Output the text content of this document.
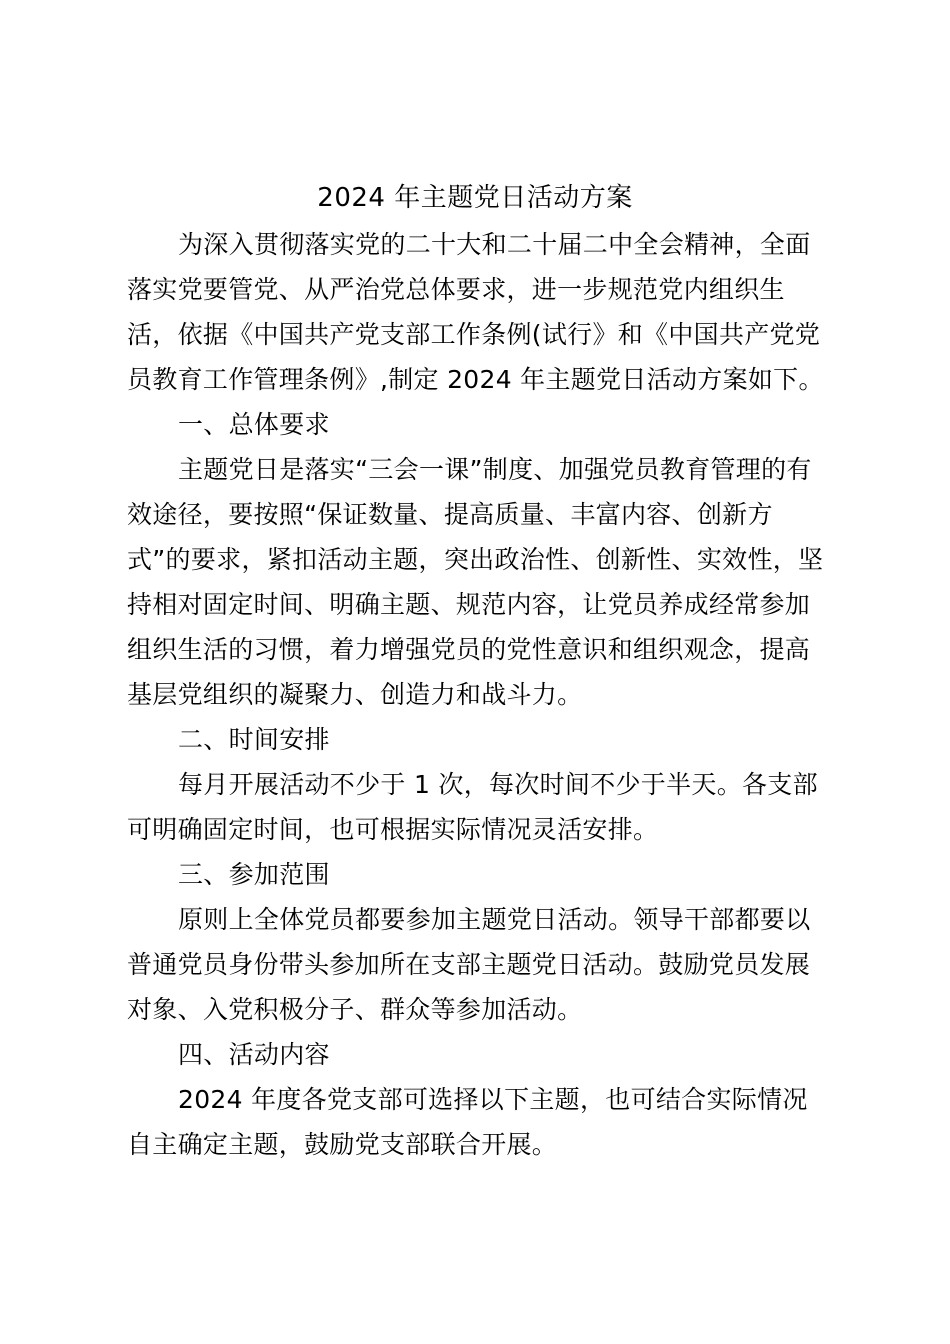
2024 年主题党日活动方案
为深入贯彻落实党的二十大和二十届二中全会精神，全面
落实党要管党、从严治党总体要求，进一步规范党内组织生
活，依据《中国共产党支部工作条例(试行》和《中国共产党党
员教育工作管理条例》,制定 2024 年主题党日活动方案如下。
一、总体要求
主题党日是落实“三会一课”制度、加强党员教育管理的有
效途径，要按照“保证数量、提高质量、丰富内容、创新方
式”的要求，紧扣活动主题，突出政治性、创新性、实效性，坚
持相对固定时间、明确主题、规范内容，让党员养成经常参加
组织生活的习惯，着力增强党员的党性意识和组织观念，提高
基层党组织的凝聚力、创造力和战斗力。
二、时间安排
每月开展活动不少于 1 次，每次时间不少于半天。各支部
可明确固定时间，也可根据实际情况灵活安排。
三、参加范围
原则上全体党员都要参加主题党日活动。领导干部都要以
普通党员身份带头参加所在支部主题党日活动。鼓励党员发展
对象、入党积极分子、群众等参加活动。
四、活动内容
2024 年度各党支部可选择以下主题，也可结合实际情况
自主确定主题，鼓励党支部联合开展。
